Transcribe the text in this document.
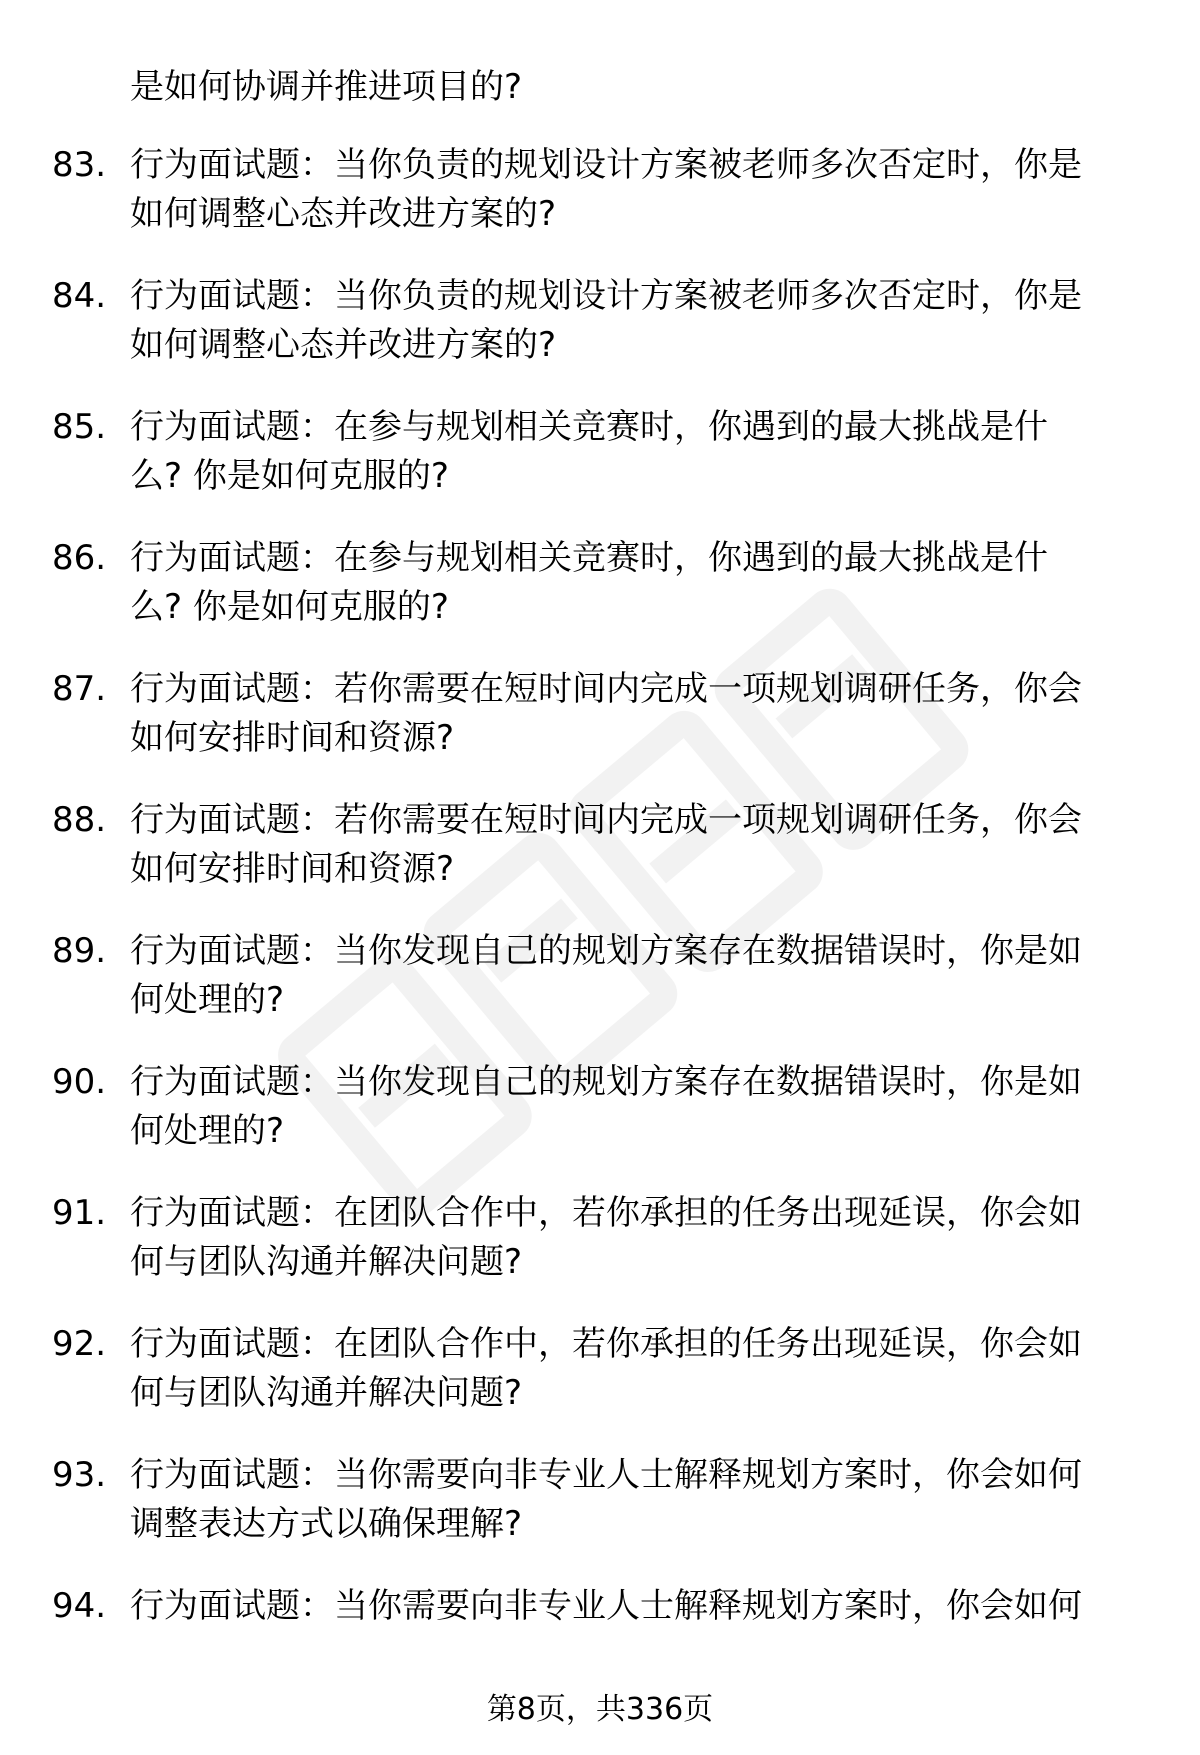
是如何协调并推进项目的?
83. 行为面试题：当你负责的规划设计方案被老师多次否定时，你是
如何调整心态并改进方案的?
84. 行为面试题：当你负责的规划设计方案被老师多次否定时，你是
如何调整心态并改进方案的?
85. 行为面试题：在参与规划相关竞赛时，你遇到的最大挑战是什
么? 你是如何克服的?
86. 行为面试题：在参与规划相关竞赛时，你遇到的最大挑战是什
么? 你是如何克服的?
87. 行为面试题：若你需要在短时间内完成一项规划调研任务，你会
如何安排时间和资源?
88. 行为面试题：若你需要在短时间内完成一项规划调研任务，你会
如何安排时间和资源?
89. 行为面试题：当你发现自己的规划方案存在数据错误时，你是如
何处理的?
90. 行为面试题：当你发现自己的规划方案存在数据错误时，你是如
何处理的?
91. 行为面试题：在团队合作中，若你承担的任务出现延误，你会如
何与团队沟通并解决问题?
92. 行为面试题：在团队合作中，若你承担的任务出现延误，你会如
何与团队沟通并解决问题?
93. 行为面试题：当你需要向非专业人士解释规划方案时，你会如何
调整表达方式以确保理解?
94. 行为面试题：当你需要向非专业人士解释规划方案时，你会如何
第8页，共336页
